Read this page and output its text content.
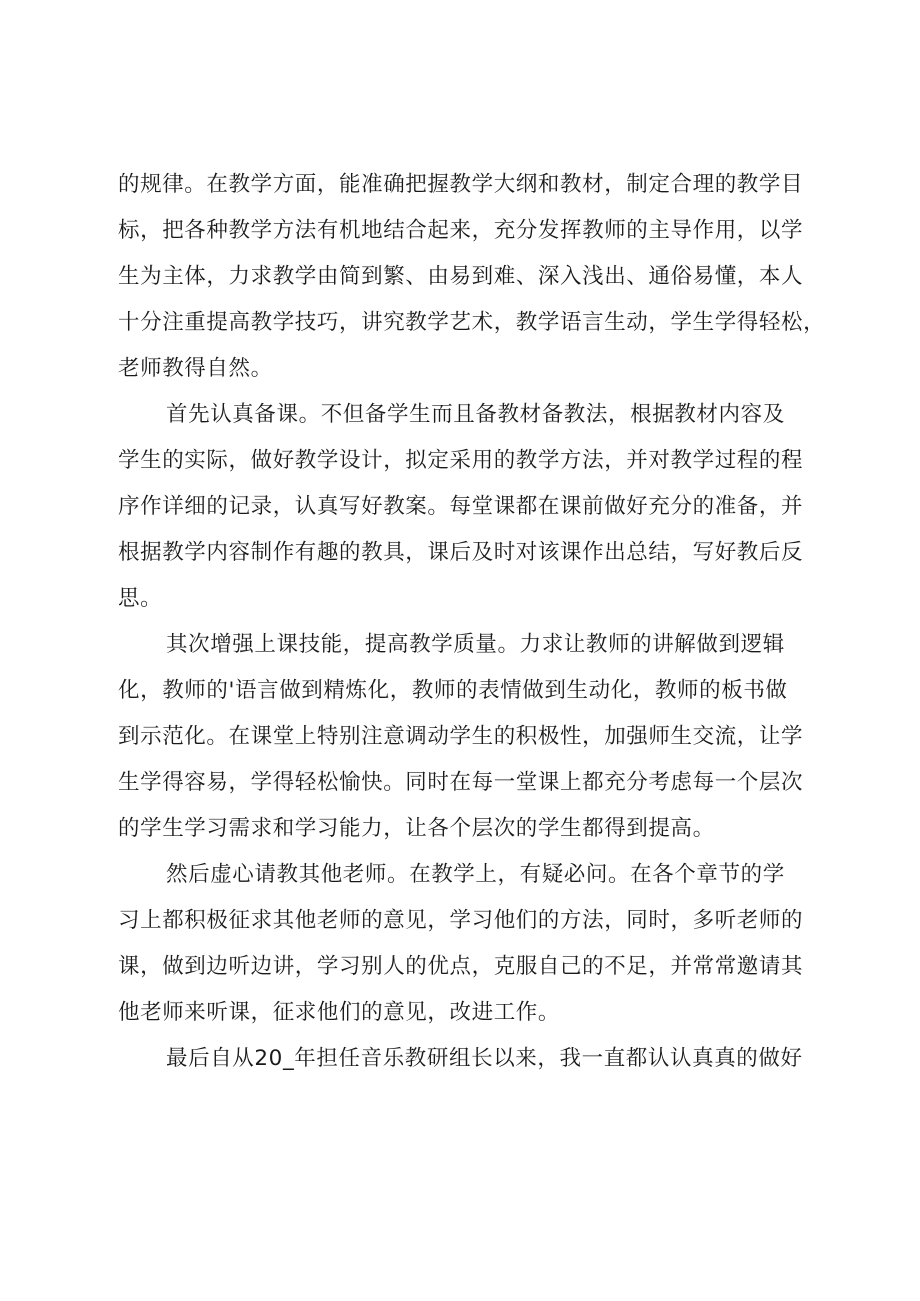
的规律。在教学方面，能准确把握教学大纲和教材，制定合理的教学目
标，把各种教学方法有机地结合起来，充分发挥教师的主导作用，以学
生为主体，力求教学由简到繁、由易到难、深入浅出、通俗易懂，本人
十分注重提高教学技巧，讲究教学艺术，教学语言生动，学生学得轻松，
老师教得自然。
首先认真备课。不但备学生而且备教材备教法，根据教材内容及
学生的实际，做好教学设计，拟定采用的教学方法，并对教学过程的程
序作详细的记录，认真写好教案。每堂课都在课前做好充分的准备，并
根据教学内容制作有趣的教具，课后及时对该课作出总结，写好教后反
思。
其次增强上课技能，提高教学质量。力求让教师的讲解做到逻辑
化，教师的'语言做到精炼化，教师的表情做到生动化，教师的板书做
到示范化。在课堂上特别注意调动学生的积极性，加强师生交流，让学
生学得容易，学得轻松愉快。同时在每一堂课上都充分考虑每一个层次
的学生学习需求和学习能力，让各个层次的学生都得到提高。
然后虚心请教其他老师。在教学上，有疑必问。在各个章节的学
习上都积极征求其他老师的意见，学习他们的方法，同时，多听老师的
课，做到边听边讲，学习别人的优点，克服自己的不足，并常常邀请其
他老师来听课，征求他们的意见，改进工作。
最后自从20_年担任音乐教研组长以来，我一直都认认真真的做好
